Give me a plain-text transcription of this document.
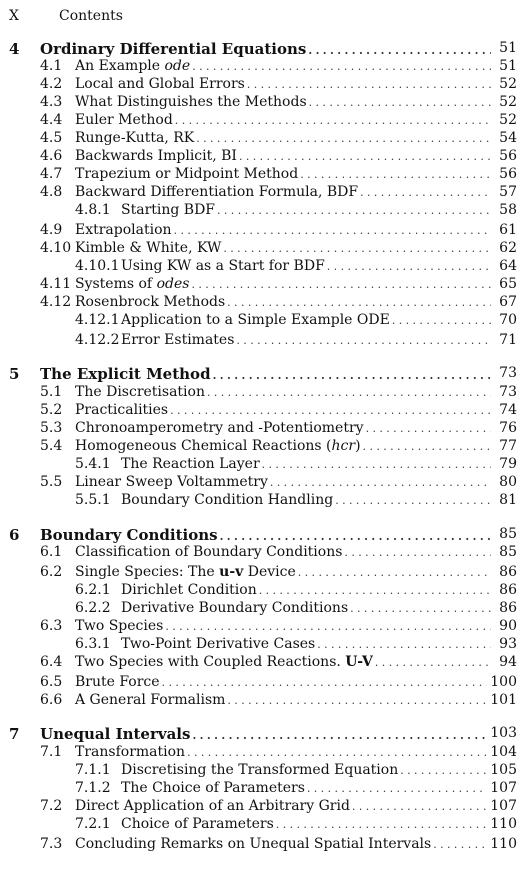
X	Contents
4 Ordinary Differential Equations .....	51
4.1 An Example ode .....	51
4.2 Local and Global Errors .....	52
4.3 What Distinguishes the Methods .....	52
4.4 Euler Method .....	52
4.5 Runge-Kutta, RK .....	54
4.6 Backwards Implicit, BI .....	56
4.7 Trapezium or Midpoint Method .....	56
4.8 Backward Differentiation Formula, BDF .....	57
4.8.1 Starting BDF .....	58
4.9 Extrapolation .....	61
4.10 Kimble & White, KW .....	62
4.10.1 Using KW as a Start for BDF .....	64
4.11 Systems of odes .....	65
4.12 Rosenbrock Methods .....	67
4.12.1 Application to a Simple Example ODE .....	70
4.12.2 Error Estimates .....	71
5 The Explicit Method .....	73
5.1 The Discretisation .....	73
5.2 Practicalities .....	74
5.3 Chronoamperometry and -Potentiometry .....	76
5.4 Homogeneous Chemical Reactions (hcr) .....	77
5.4.1 The Reaction Layer .....	79
5.5 Linear Sweep Voltammetry .....	80
5.5.1 Boundary Condition Handling .....	81
6 Boundary Conditions .....	85
6.1 Classification of Boundary Conditions .....	85
6.2 Single Species: The u-v Device .....	86
6.2.1 Dirichlet Condition .....	86
6.2.2 Derivative Boundary Conditions .....	86
6.3 Two Species .....	90
6.3.1 Two-Point Derivative Cases .....	93
6.4 Two Species with Coupled Reactions. U-V .....	94
6.5 Brute Force .....	100
6.6 A General Formalism .....	101
7 Unequal Intervals .....	103
7.1 Transformation .....	104
7.1.1 Discretising the Transformed Equation .....	105
7.1.2 The Choice of Parameters .....	107
7.2 Direct Application of an Arbitrary Grid .....	107
7.2.1 Choice of Parameters .....	110
7.3 Concluding Remarks on Unequal Spatial Intervals .....	110
